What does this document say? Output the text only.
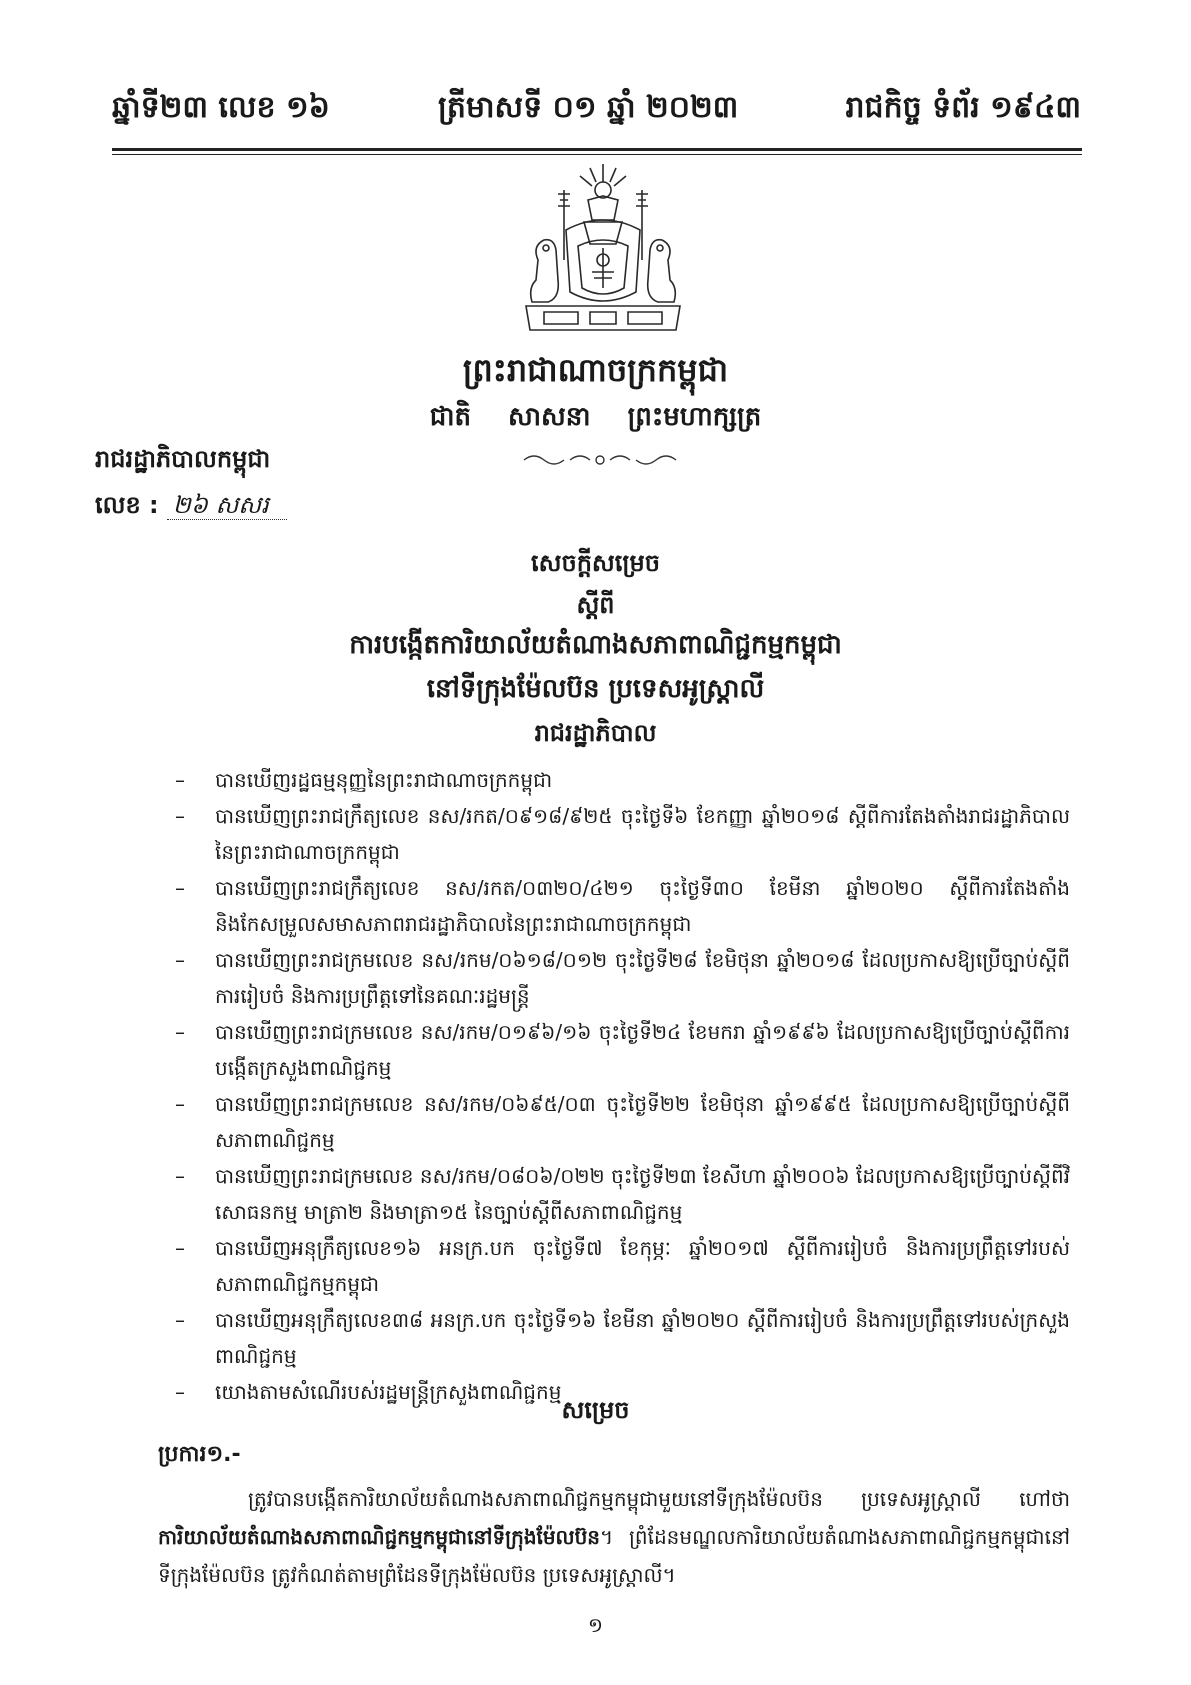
ឆ្នាំទី២៣ លេខ ១៦	ត្រីមាសទី ០១ ឆ្នាំ ២០២៣	រាជកិច្ច ទំព័រ ១៩៤៣
ព្រះរាជាណាចក្រកម្ពុជា
ជាតិ សាសនា ព្រះមហាក្សត្រ
រាជរដ្ឋាភិបាលកម្ពុជា
លេខ : ២៦ សសរ
សេចក្តីសម្រេច
ស្តីពី
ការបង្កើតការិយាល័យតំណាងសភាពាណិជ្ជកម្មកម្ពុជា
នៅទីក្រុងម៉ែលប៊ន ប្រទេសអូស្ត្រាលី
រាជរដ្ឋាភិបាល
– បានឃើញរដ្ឋធម្មនុញ្ញនៃព្រះរាជាណាចក្រកម្ពុជា
– បានឃើញព្រះរាជក្រឹត្យលេខ នស/រកត/០៩១៨/៩២៥ ចុះថ្ងៃទី៦ ខែកញ្ញា ឆ្នាំ២០១៨ ស្តីពីការតែងតាំងរាជរដ្ឋាភិបាល នៃព្រះរាជាណាចក្រកម្ពុជា
– បានឃើញព្រះរាជក្រឹត្យលេខ នស/រកត/០៣២០/៤២១ ចុះថ្ងៃទី៣០ ខែមីនា ឆ្នាំ២០២០ ស្តីពីការតែងតាំង និងកែសម្រួលសមាសភាពរាជរដ្ឋាភិបាលនៃព្រះរាជាណាចក្រកម្ពុជា
– បានឃើញព្រះរាជក្រមលេខ នស/រកម/០៦១៨/០១២ ចុះថ្ងៃទី២៨ ខែមិថុនា ឆ្នាំ២០១៨ ដែលប្រកាសឱ្យប្រើច្បាប់ស្តីពីការរៀបចំ និងការប្រព្រឹត្តទៅនៃគណៈរដ្ឋមន្ត្រី
– បានឃើញព្រះរាជក្រមលេខ នស/រកម/០១៩៦/១៦ ចុះថ្ងៃទី២៤ ខែមករា ឆ្នាំ១៩៩៦ ដែលប្រកាសឱ្យប្រើច្បាប់ស្តីពីការបង្កើតក្រសួងពាណិជ្ជកម្ម
– បានឃើញព្រះរាជក្រមលេខ នស/រកម/០៦៩៥/០៣ ចុះថ្ងៃទី២២ ខែមិថុនា ឆ្នាំ១៩៩៥ ដែលប្រកាសឱ្យប្រើច្បាប់ស្តីពីសភាពាណិជ្ជកម្ម
– បានឃើញព្រះរាជក្រមលេខ នស/រកម/០៨០៦/០២២ ចុះថ្ងៃទី២៣ ខែសីហា ឆ្នាំ២០០៦ ដែលប្រកាសឱ្យប្រើច្បាប់ស្តីពីវិសោធនកម្ម មាត្រា២ និងមាត្រា១៥ នៃច្បាប់ស្តីពីសភាពាណិជ្ជកម្ម
– បានឃើញអនុក្រឹត្យលេខ១៦ អនក្រ.បក ចុះថ្ងៃទី៧ ខែកុម្ភៈ ឆ្នាំ២០១៧ ស្តីពីការរៀបចំ និងការប្រព្រឹត្តទៅរបស់សភាពាណិជ្ជកម្មកម្ពុជា
– បានឃើញអនុក្រឹត្យលេខ៣៨ អនក្រ.បក ចុះថ្ងៃទី១៦ ខែមីនា ឆ្នាំ២០២០ ស្តីពីការរៀបចំ និងការប្រព្រឹត្តទៅរបស់ក្រសួងពាណិជ្ជកម្ម
– យោងតាមសំណើរបស់រដ្ឋមន្ត្រីក្រសួងពាណិជ្ជកម្ម
សម្រេច
ប្រការ១.-
ត្រូវបានបង្កើតការិយាល័យតំណាងសភាពាណិជ្ជកម្មកម្ពុជាមួយនៅទីក្រុងម៉ែលប៊ន ប្រទេសអូស្ត្រាលី ហៅថា ការិយាល័យតំណាងសភាពាណិជ្ជកម្មកម្ពុជានៅទីក្រុងម៉ែលប៊ន។ ព្រំដែនមណ្ឌលការិយាល័យតំណាងសភាពាណិជ្ជកម្មកម្ពុជានៅទីក្រុងម៉ែលប៊ន ត្រូវកំណត់តាមព្រំដែនទីក្រុងម៉ែលប៊ន ប្រទេសអូស្ត្រាលី។
១
